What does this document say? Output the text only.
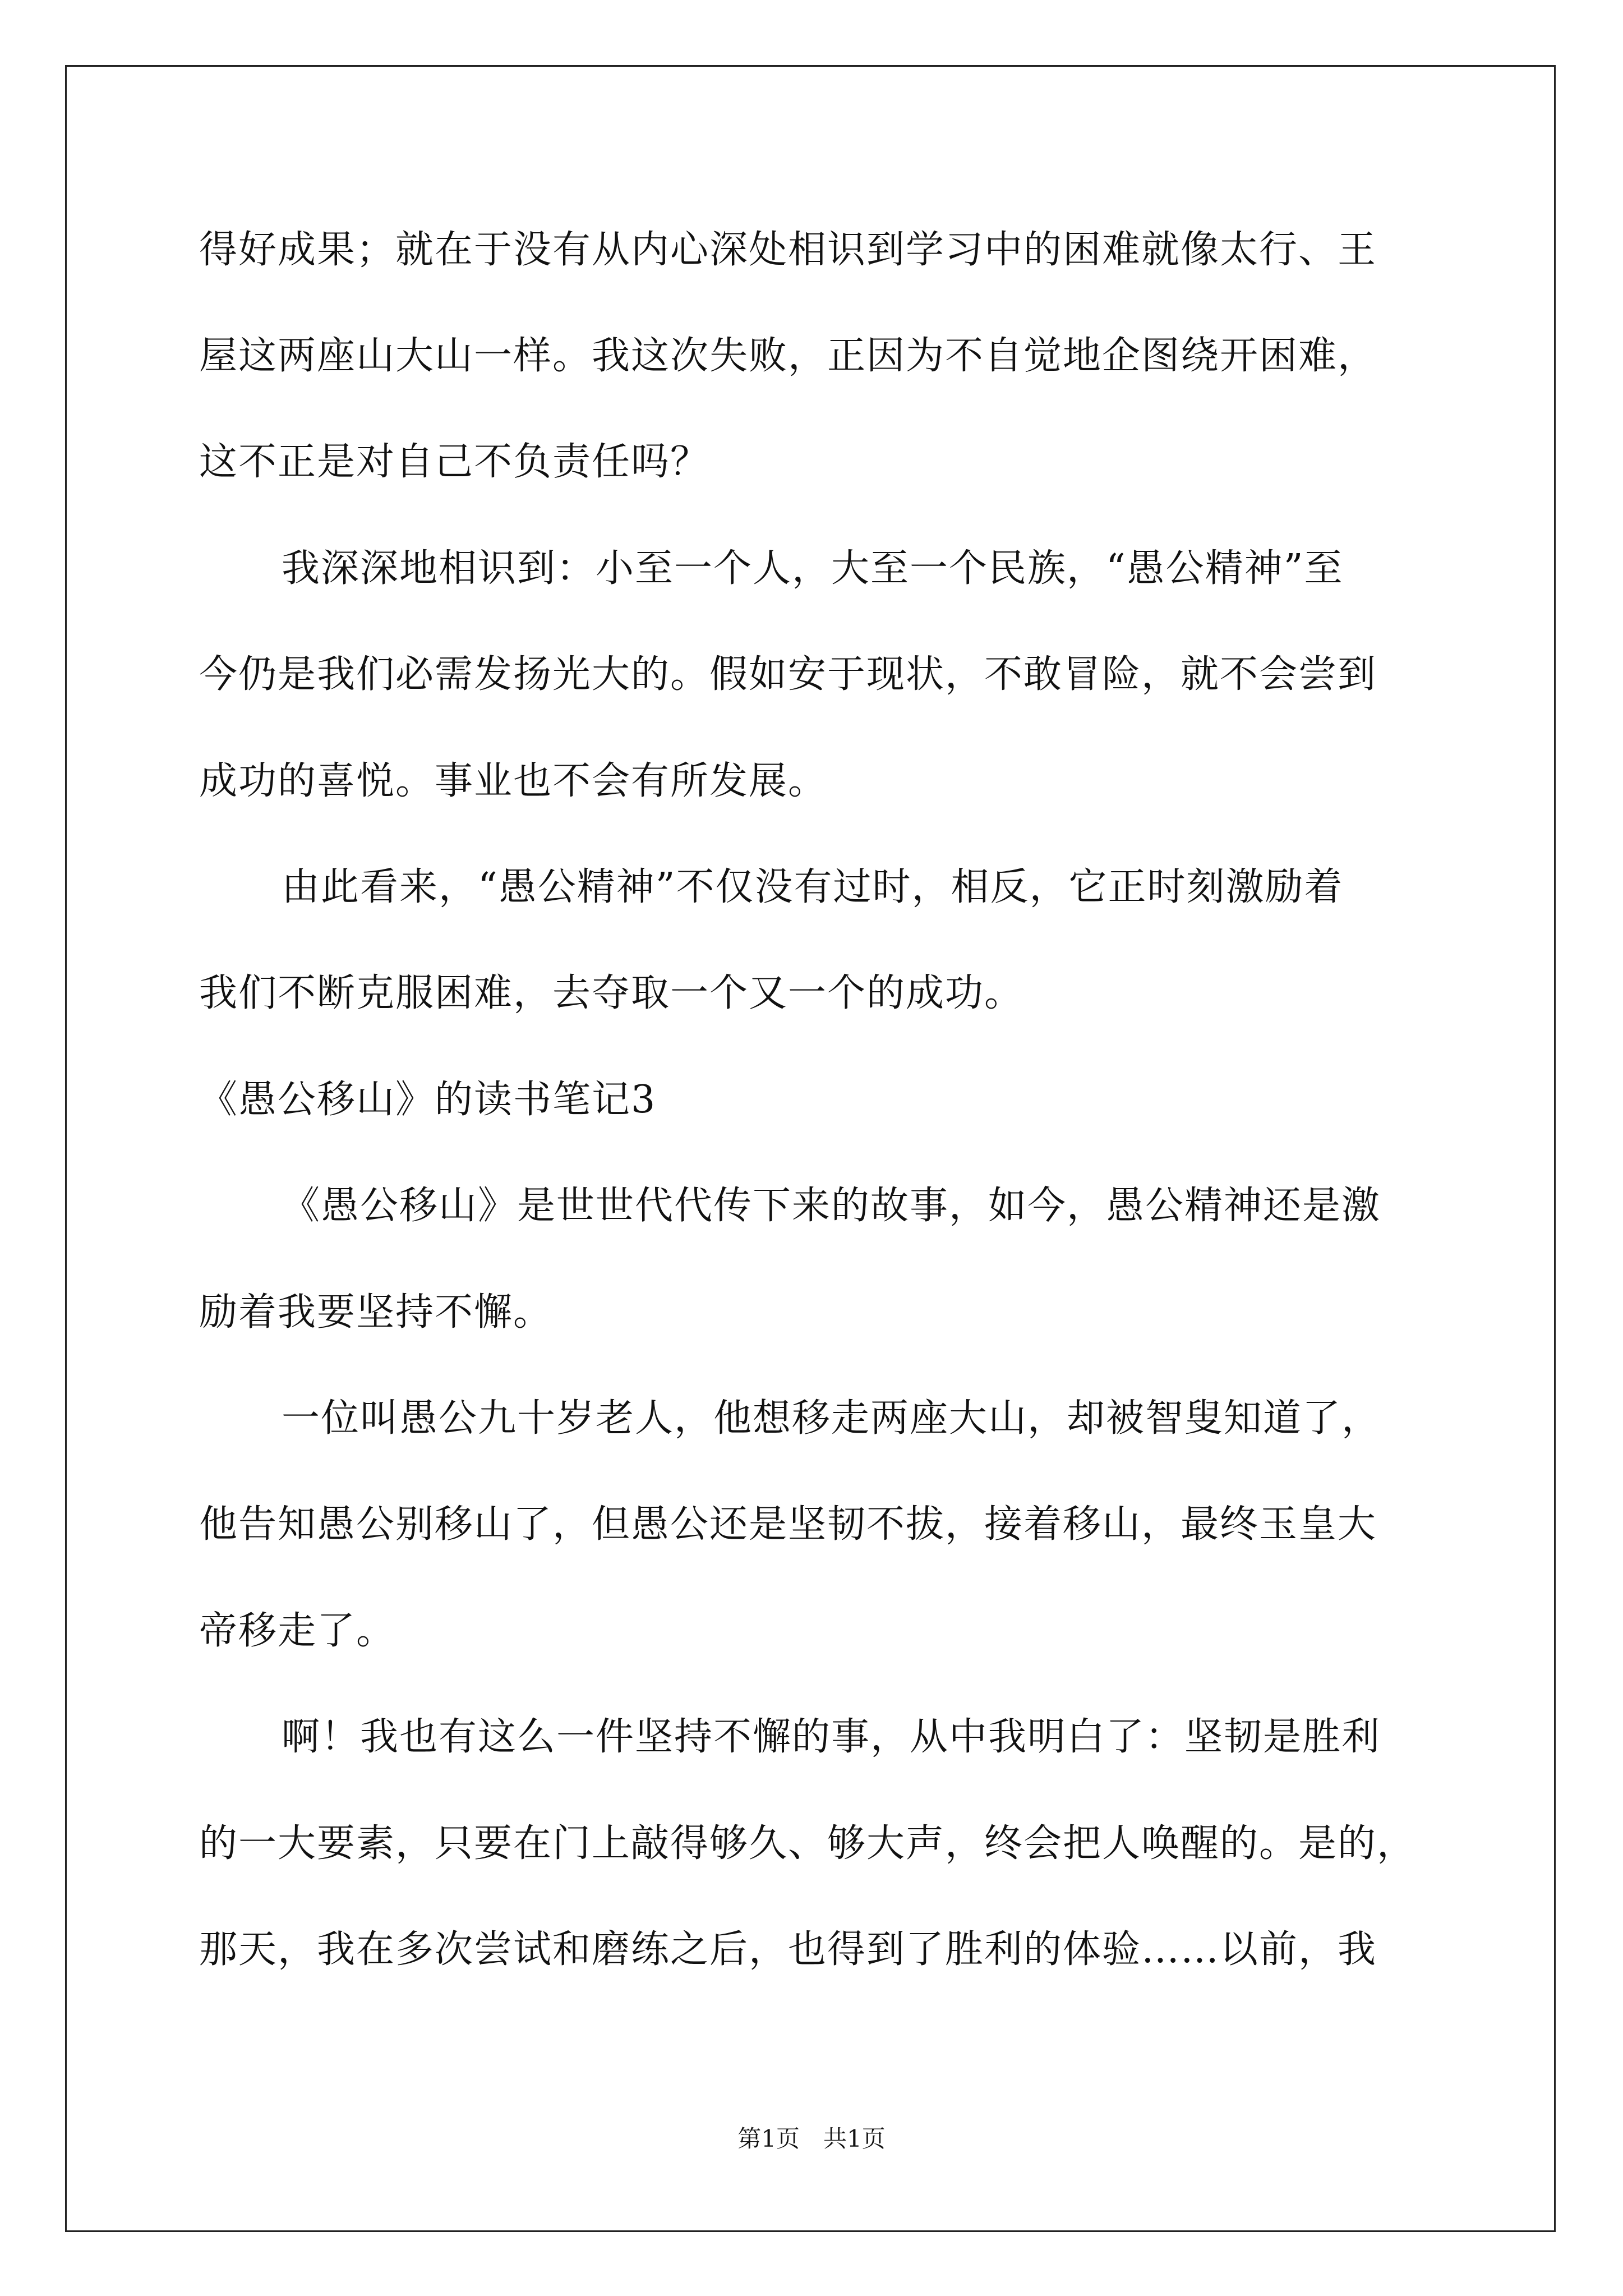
得好成果；就在于没有从内心深处相识到学习中的困难就像太行、王
屋这两座山大山一样。我这次失败，正因为不自觉地企图绕开困难，
这不正是对自己不负责任吗？
我深深地相识到：小至一个人，大至一个民族，“愚公精神”至
今仍是我们必需发扬光大的。假如安于现状，不敢冒险，就不会尝到
成功的喜悦。事业也不会有所发展。
由此看来，“愚公精神”不仅没有过时，相反，它正时刻激励着
我们不断克服困难，去夺取一个又一个的成功。
《愚公移山》的读书笔记3
《愚公移山》是世世代代传下来的故事，如今，愚公精神还是激
励着我要坚持不懈。
一位叫愚公九十岁老人，他想移走两座大山，却被智叟知道了，
他告知愚公别移山了，但愚公还是坚韧不拔，接着移山，最终玉皇大
帝移走了。
啊！我也有这么一件坚持不懈的事，从中我明白了：坚韧是胜利
的一大要素，只要在门上敲得够久、够大声，终会把人唤醒的。是的，
那天，我在多次尝试和磨练之后，也得到了胜利的体验……以前，我
第1页　共1页
